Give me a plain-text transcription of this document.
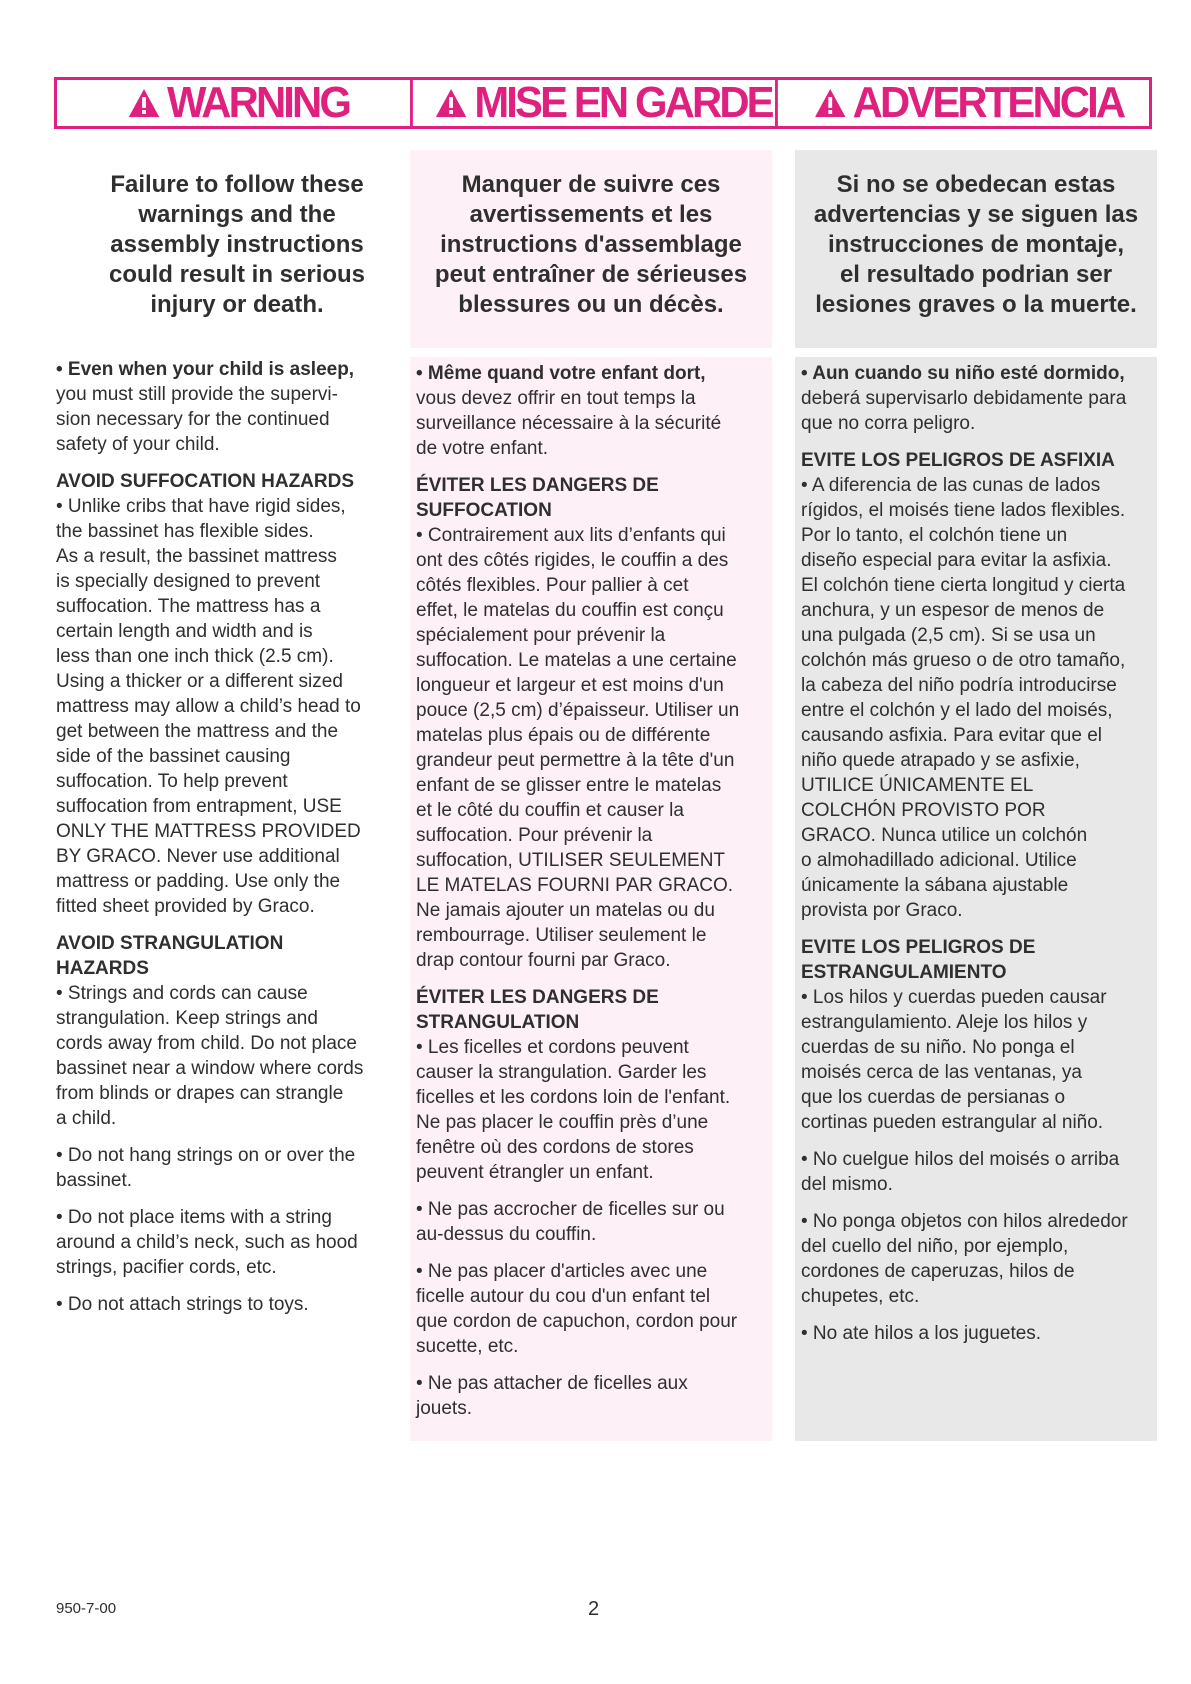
WARNING	MISE EN GARDE ADVERTENCIA
Failure to follow these
warnings and the
assembly instructions
could result in serious
injury or death.
Manquer de suivre ces
avertissements et les
instructions d'assemblage
peut entraîner de sérieuses
blessures ou un décès.
Si no se obedecan estas
advertencias y se siguen las
instrucciones de montaje,
el resultado podrian ser
lesiones graves o la muerte.
• Even when your child is asleep,
you must still provide the supervi-
sion necessary for the continued
safety of your child.
AVOID SUFFOCATION HAZARDS
• Unlike cribs that have rigid sides,
the bassinet has flexible sides.
As a result, the bassinet mattress
is specially designed to prevent
suffocation. The mattress has a
certain length and width and is
less than one inch thick (2.5 cm).
Using a thicker or a different sized
mattress may allow a child’s head to
get between the mattress and the
side of the bassinet causing
suffocation. To help prevent
suffocation from entrapment, USE
ONLY THE MATTRESS PROVIDED
BY GRACO. Never use additional
mattress or padding. Use only the
fitted sheet provided by Graco.
AVOID STRANGULATION
HAZARDS
• Strings and cords can cause
strangulation. Keep strings and
cords away from child. Do not place
bassinet near a window where cords
from blinds or drapes can strangle
a child.
• Do not hang strings on or over the
bassinet.
• Do not place items with a string
around a child’s neck, such as hood
strings, pacifier cords, etc.
• Do not attach strings to toys.
• Même quand votre enfant dort,
vous devez offrir en tout temps la
surveillance nécessaire à la sécurité
de votre enfant.
ÉVITER LES DANGERS DE
SUFFOCATION
• Contrairement aux lits d’enfants qui
ont des côtés rigides, le couffin a des
côtés flexibles. Pour pallier à cet
effet, le matelas du couffin est conçu
spécialement pour prévenir la
suffocation. Le matelas a une certaine
longueur et largeur et est moins d'un
pouce (2,5 cm) d’épaisseur. Utiliser un
matelas plus épais ou de différente
grandeur peut permettre à la tête d'un
enfant de se glisser entre le matelas
et le côté du couffin et causer la
suffocation. Pour prévenir la
suffocation, UTILISER SEULEMENT
LE MATELAS FOURNI PAR GRACO.
Ne jamais ajouter un matelas ou du
rembourrage. Utiliser seulement le
drap contour fourni par Graco.
ÉVITER LES DANGERS DE
STRANGULATION
• Les ficelles et cordons peuvent
causer la strangulation. Garder les
ficelles et les cordons loin de l'enfant.
Ne pas placer le couffin près d’une
fenêtre où des cordons de stores
peuvent étrangler un enfant.
• Ne pas accrocher de ficelles sur ou
au-dessus du couffin.
• Ne pas placer d'articles avec une
ficelle autour du cou d'un enfant tel
que cordon de capuchon, cordon pour
sucette, etc.
• Ne pas attacher de ficelles aux
jouets.
• Aun cuando su niño esté dormido,
deberá supervisarlo debidamente para
que no corra peligro.
EVITE LOS PELIGROS DE ASFIXIA
• A diferencia de las cunas de lados
rígidos, el moisés tiene lados flexibles.
Por lo tanto, el colchón tiene un
diseño especial para evitar la asfixia.
El colchón tiene cierta longitud y cierta
anchura, y un espesor de menos de
una pulgada (2,5 cm). Si se usa un
colchón más grueso o de otro tamaño,
la cabeza del niño podría introducirse
entre el colchón y el lado del moisés,
causando asfixia. Para evitar que el
niño quede atrapado y se asfixie,
UTILICE ÚNICAMENTE EL
COLCHÓN PROVISTO POR
GRACO. Nunca utilice un colchón
o almohadillado adicional. Utilice
únicamente la sábana ajustable
provista por Graco.
EVITE LOS PELIGROS DE
ESTRANGULAMIENTO
• Los hilos y cuerdas pueden causar
estrangulamiento. Aleje los hilos y
cuerdas de su niño. No ponga el
moisés cerca de las ventanas, ya
que los cuerdas de persianas o
cortinas pueden estrangular al niño.
• No cuelgue hilos del moisés o arriba
del mismo.
• No ponga objetos con hilos alrededor
del cuello del niño, por ejemplo,
cordones de caperuzas, hilos de
chupetes, etc.
• No ate hilos a los juguetes.
950-7-00	2
